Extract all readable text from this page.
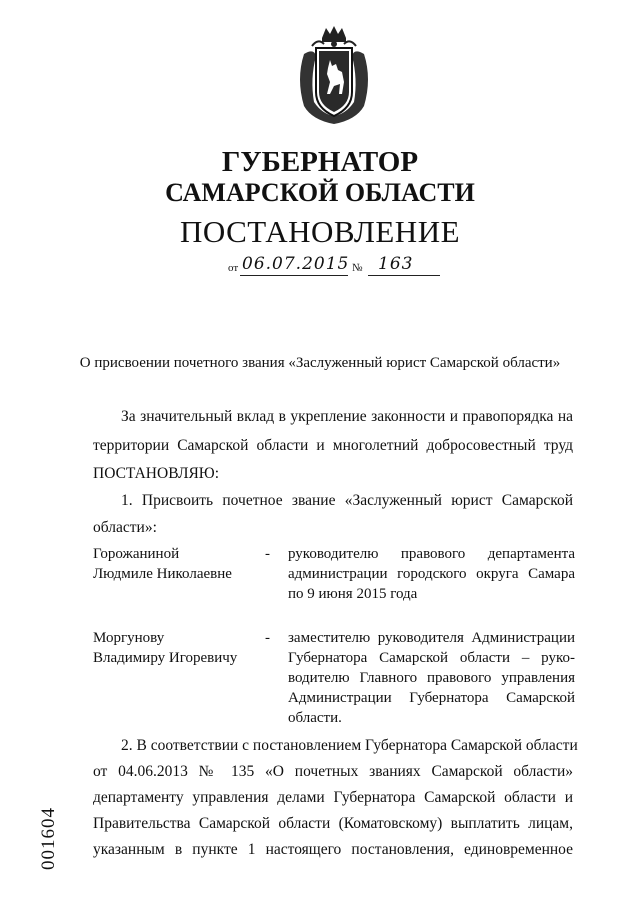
ГУБЕРНАТОР
САМАРСКОЙ ОБЛАСТИ
ПОСТАНОВЛЕНИЕ
от 06.07.2015 № 163
О присвоении почетного звания «Заслуженный юрист Самарской области»
За значительный вклад в укрепление законности и правопорядка на
территории Самарской области и многолетний добросовестный труд
ПОСТАНОВЛЯЮ:
1. Присвоить почетное звание «Заслуженный юрист Самарской
области»:
Горожаниной
Людмиле Николаевне
- руководителю правового департамента
администрации городского округа Самара
по 9 июня 2015 года
Моргунову
Владимиру Игоревичу
- заместителю руководителя Администрации
Губернатора Самарской области – руко-
водителю Главного правового управления
Администрации Губернатора Самарской
области.
2. В соответствии с постановлением Губернатора Самарской области
от 04.06.2013 № 135 «О почетных званиях Самарской области»
департаменту управления делами Губернатора Самарской области и
Правительства Самарской области (Коматовскому) выплатить лицам,
указанным в пункте 1 настоящего постановления, единовременное
001604
